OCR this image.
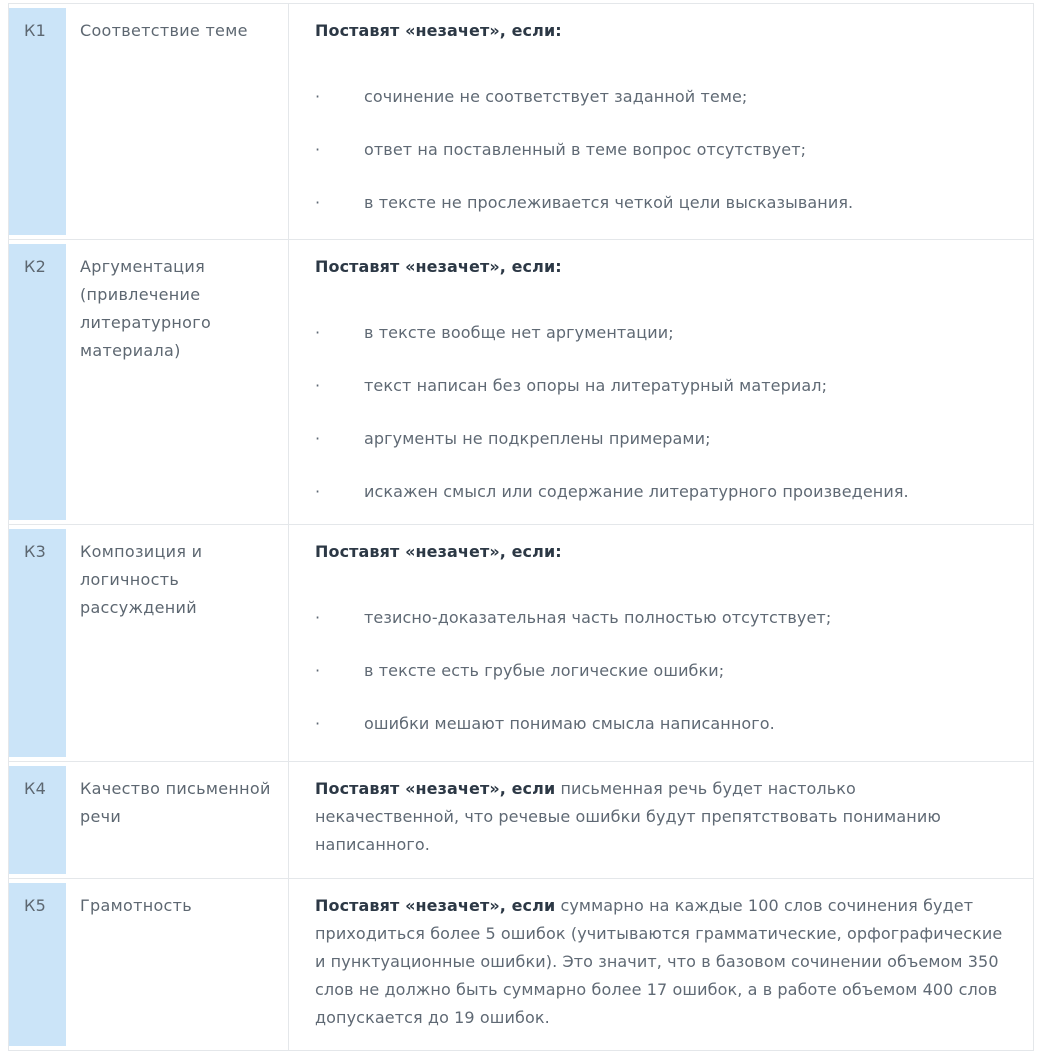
К1	Соответствие теме	Поставят «незачет», если:

·	сочинение не соответствует заданной теме;
·	ответ на поставленный в теме вопрос отсутствует;
·	в тексте не прослеживается четкой цели высказывания.
К2	Аргументация (привлечение литературного материала)

Поставят «незачет», если:

·	в тексте вообще нет аргументации;
·	текст написан без опоры на литературный материал;
·	аргументы не подкреплены примерами;
·	искажен смысл или содержание литературного произведения.
К3	Композиция и логичность рассуждений

Поставят «незачет», если:

·	тезисно-доказательная часть полностью отсутствует;
·	в тексте есть грубые логические ошибки;
·	ошибки мешают понимаю смысла написанного.
К4	Качество письменной речи

Поставят «незачет», если письменная речь будет настолько некачественной, что речевые ошибки будут препятствовать пониманию написанного.

К5	Грамотность	Поставят «незачет», если суммарно на каждые 100 слов сочинения будет приходиться более 5 ошибок (учитываются грамматические, орфографические и пунктуационные ошибки). Это значит, что в базовом сочинении объемом 350 слов не должно быть суммарно более 17 ошибок, а в работе объемом 400 слов допускается до 19 ошибок.
